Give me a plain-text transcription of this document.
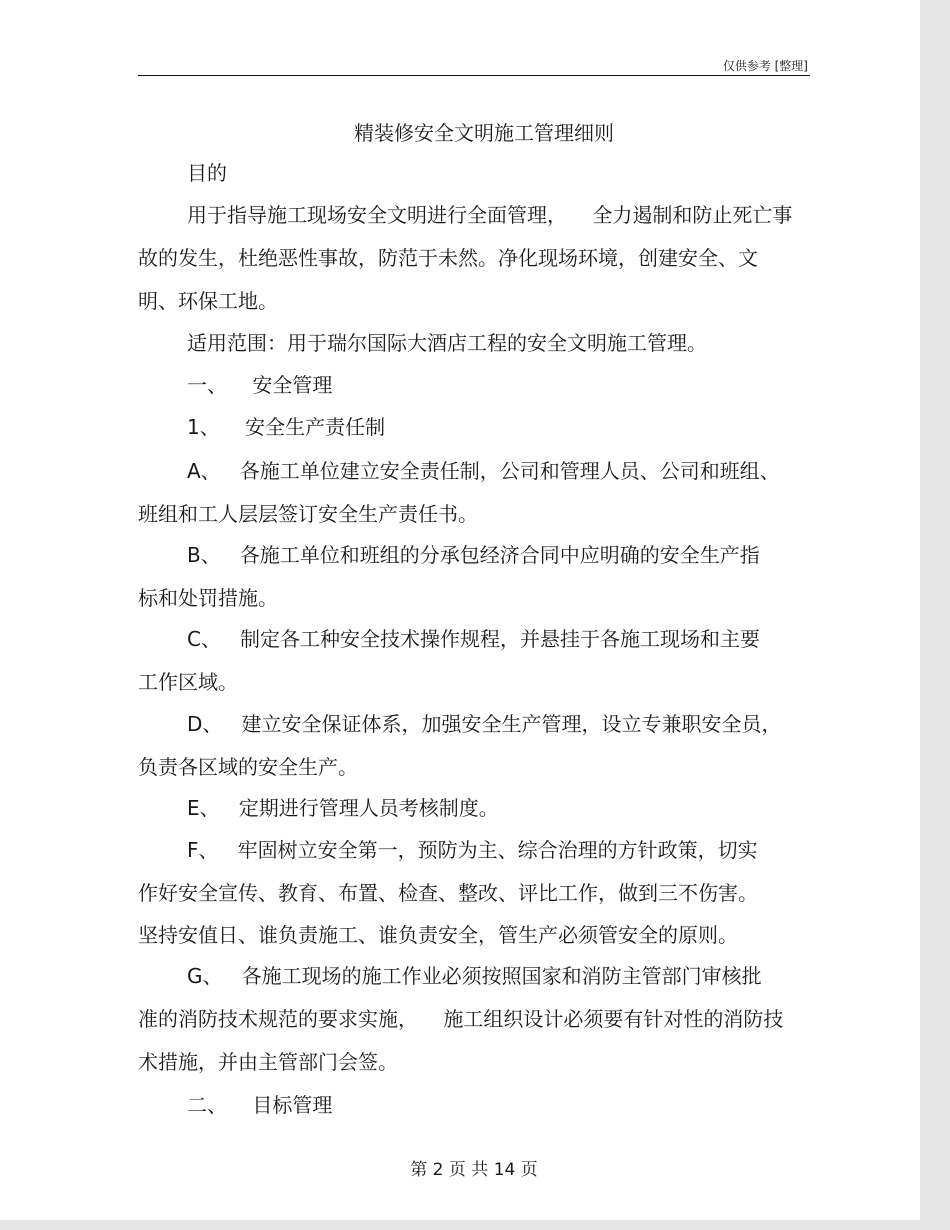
仅供参考 [整理]
精装修安全文明施工管理细则
目的
用于指导施工现场安全文明进行全面管理，    全力遏制和防止死亡事
故的发生，杜绝恶性事故，防范于未然。净化现场环境，创建安全、文
明、环保工地。
适用范围：用于瑞尔国际大酒店工程的安全文明施工管理。
一、    安全管理
1、    安全生产责任制
A、   各施工单位建立安全责任制，公司和管理人员、公司和班组、
班组和工人层层签订安全生产责任书。
B、   各施工单位和班组的分承包经济合同中应明确的安全生产指
标和处罚措施。
C、   制定各工种安全技术操作规程，并悬挂于各施工现场和主要
工作区域。
D、   建立安全保证体系，加强安全生产管理，设立专兼职安全员，
负责各区域的安全生产。
E、   定期进行管理人员考核制度。
F、   牢固树立安全第一，预防为主、综合治理的方针政策，切实
作好安全宣传、教育、布置、检查、整改、评比工作，做到三不伤害。
坚持安值日、谁负责施工、谁负责安全，管生产必须管安全的原则。
G、   各施工现场的施工作业必须按照国家和消防主管部门审核批
准的消防技术规范的要求实施，    施工组织设计必须要有针对性的消防技
术措施，并由主管部门会签。
二、    目标管理
第 2 页 共 14 页
